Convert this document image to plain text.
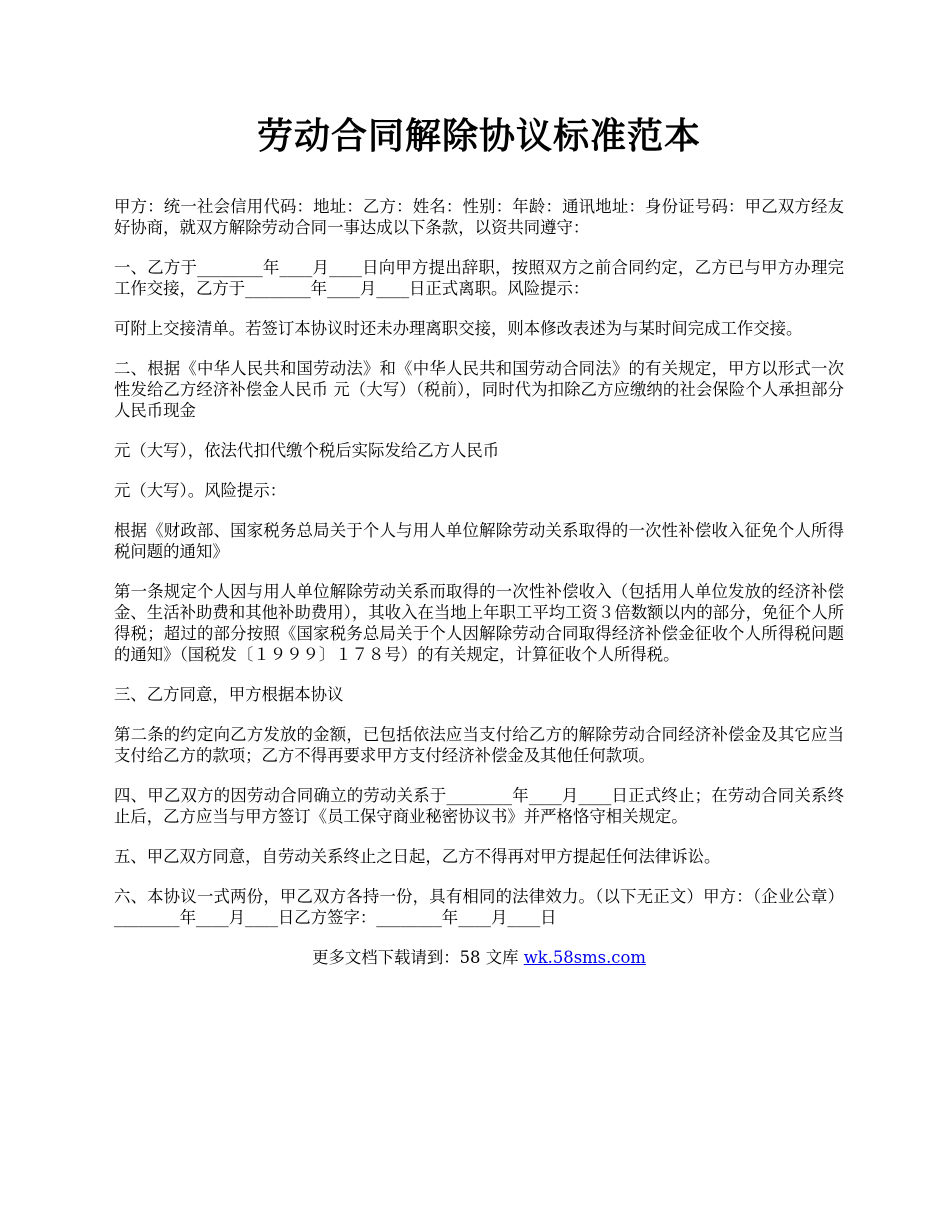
劳动合同解除协议标准范本

甲方：统一社会信用代码：地址：乙方：姓名：性别：年龄：通讯地址：身份证号码：甲乙双方经友好协商，就双方解除劳动合同一事达成以下条款，以资共同遵守：

一、乙方于________年____月____日向甲方提出辞职，按照双方之前合同约定，乙方已与甲方办理完工作交接，乙方于________年____月____日正式离职。风险提示：

可附上交接清单。若签订本协议时还未办理离职交接，则本修改表述为与某时间完成工作交接。

二、根据《中华人民共和国劳动法》和《中华人民共和国劳动合同法》的有关规定，甲方以形式一次性发给乙方经济补偿金人民币 元（大写）（税前），同时代为扣除乙方应缴纳的社会保险个人承担部分人民币现金

元（大写），依法代扣代缴个税后实际发给乙方人民币

元（大写）。风险提示：

根据《财政部、国家税务总局关于个人与用人单位解除劳动关系取得的一次性补偿收入征免个人所得税问题的通知》

第一条规定个人因与用人单位解除劳动关系而取得的一次性补偿收入（包括用人单位发放的经济补偿金、生活补助费和其他补助费用），其收入在当地上年职工平均工资３倍数额以内的部分，免征个人所得税；超过的部分按照《国家税务总局关于个人因解除劳动合同取得经济补偿金征收个人所得税问题的通知》（国税发〔１９９９〕１７８号）的有关规定，计算征收个人所得税。

三、乙方同意，甲方根据本协议

第二条的约定向乙方发放的金额，已包括依法应当支付给乙方的解除劳动合同经济补偿金及其它应当支付给乙方的款项；乙方不得再要求甲方支付经济补偿金及其他任何款项。

四、甲乙双方的因劳动合同确立的劳动关系于________年____月____日正式终止；在劳动合同关系终止后，乙方应当与甲方签订《员工保守商业秘密协议书》并严格恪守相关规定。

五、甲乙双方同意，自劳动关系终止之日起，乙方不得再对甲方提起任何法律诉讼。

六、本协议一式两份，甲乙双方各持一份，具有相同的法律效力。（以下无正文）甲方：（企业公章）________年____月____日乙方签字：________年____月____日

更多文档下载请到：58 文库 wk.58sms.com
